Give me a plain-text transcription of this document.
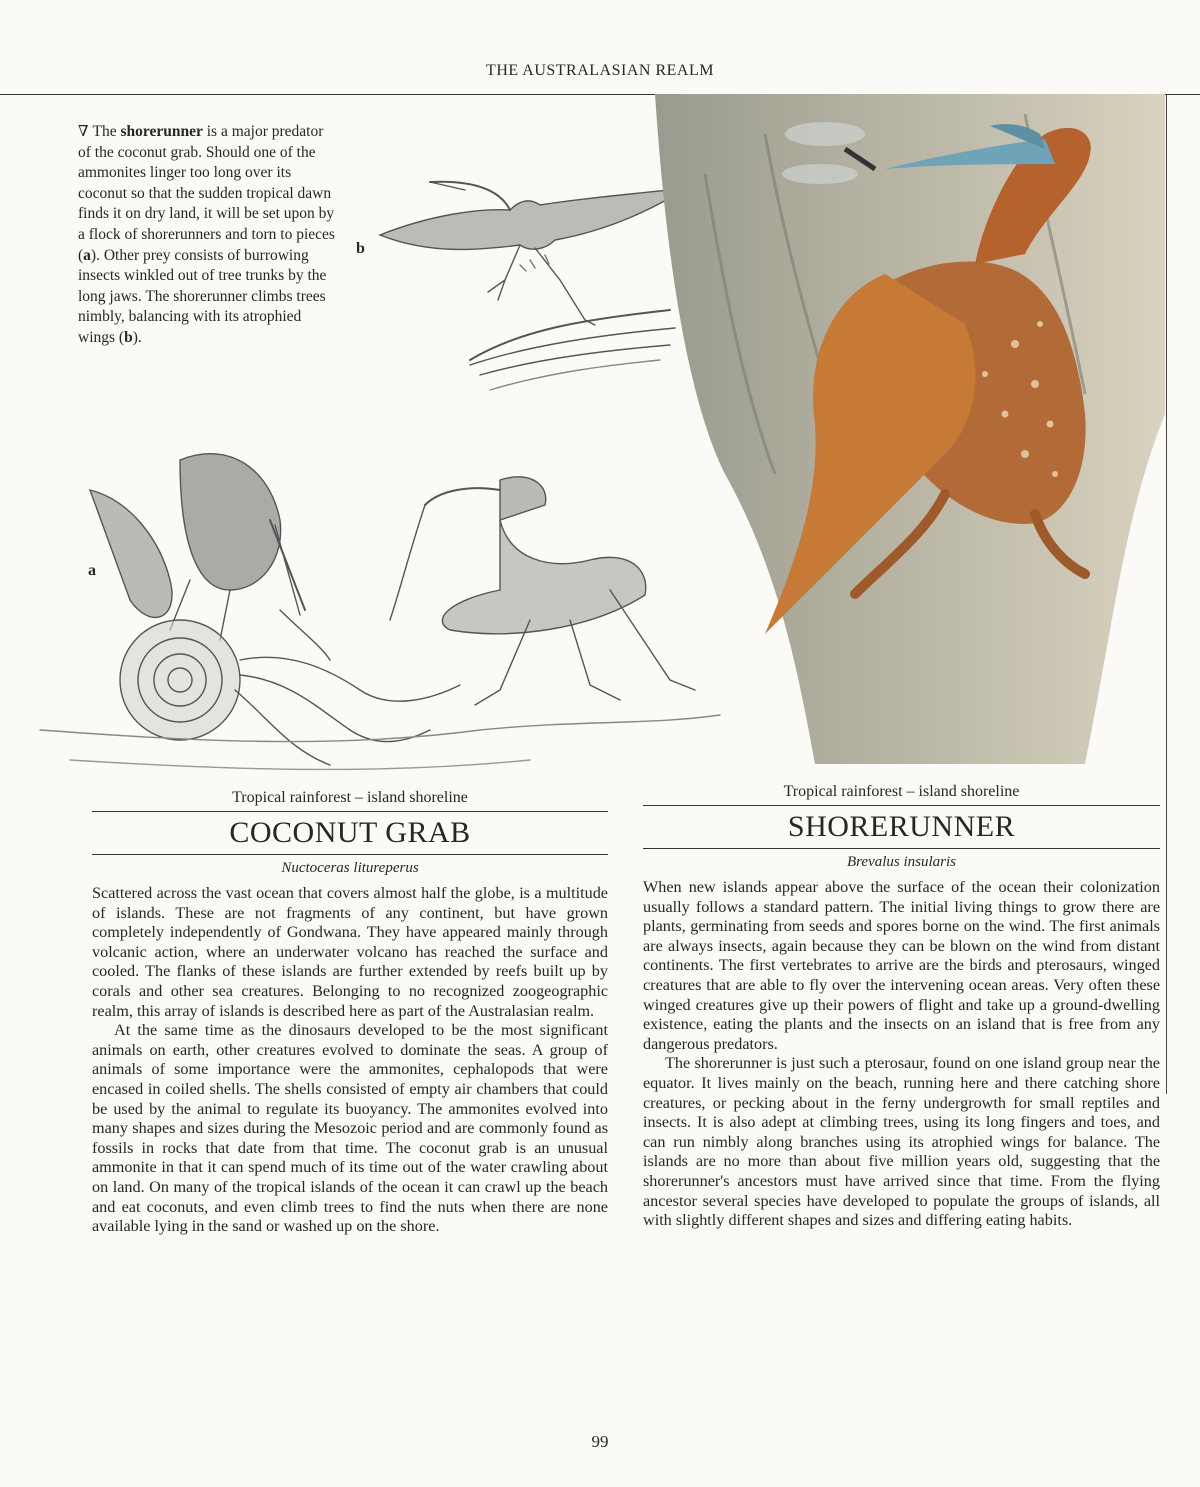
THE AUSTRALASIAN REALM
∇ The shorerunner is a major predator of the coconut grab. Should one of the ammonites linger too long over its coconut so that the sudden tropical dawn finds it on dry land, it will be set upon by a flock of shorerunners and torn to pieces (a). Other prey consists of burrowing insects winkled out of tree trunks by the long jaws. The shorerunner climbs trees nimbly, balancing with its atrophied wings (b).
b
a
Tropical rainforest – island shoreline
COCONUT GRAB
Nuctoceras litureperus

Scattered across the vast ocean that covers almost half the globe, is a multitude of islands. These are not fragments of any continent, but have grown completely independently of Gondwana. They have appeared mainly through volcanic action, where an underwater volcano has reached the surface and cooled. The flanks of these islands are further extended by reefs built up by corals and other sea creatures. Belonging to no recognized zoogeographic realm, this array of islands is described here as part of the Australasian realm.

At the same time as the dinosaurs developed to be the most significant animals on earth, other creatures evolved to dominate the seas. A group of animals of some importance were the ammonites, cephalopods that were encased in coiled shells. The shells consisted of empty air chambers that could be used by the animal to regulate its buoyancy. The ammonites evolved into many shapes and sizes during the Mesozoic period and are commonly found as fossils in rocks that date from that time. The coconut grab is an unusual ammonite in that it can spend much of its time out of the water crawling about on land. On many of the tropical islands of the ocean it can crawl up the beach and eat coconuts, and even climb trees to find the nuts when there are none available lying in the sand or washed up on the shore.

Tropical rainforest – island shoreline
SHORERUNNER
Brevalus insularis

When new islands appear above the surface of the ocean their colonization usually follows a standard pattern. The initial living things to grow there are plants, germinating from seeds and spores borne on the wind. The first animals are always insects, again because they can be blown on the wind from distant continents. The first vertebrates to arrive are the birds and pterosaurs, winged creatures that are able to fly over the intervening ocean areas. Very often these winged creatures give up their powers of flight and take up a ground-dwelling existence, eating the plants and the insects on an island that is free from any dangerous predators.

The shorerunner is just such a pterosaur, found on one island group near the equator. It lives mainly on the beach, running here and there catching shore creatures, or pecking about in the ferny undergrowth for small reptiles and insects. It is also adept at climbing trees, using its long fingers and toes, and can run nimbly along branches using its atrophied wings for balance. The islands are no more than about five million years old, suggesting that the shorerunner's ancestors must have arrived since that time. From the flying ancestor several species have developed to populate the groups of islands, all with slightly different shapes and sizes and differing eating habits.

99
